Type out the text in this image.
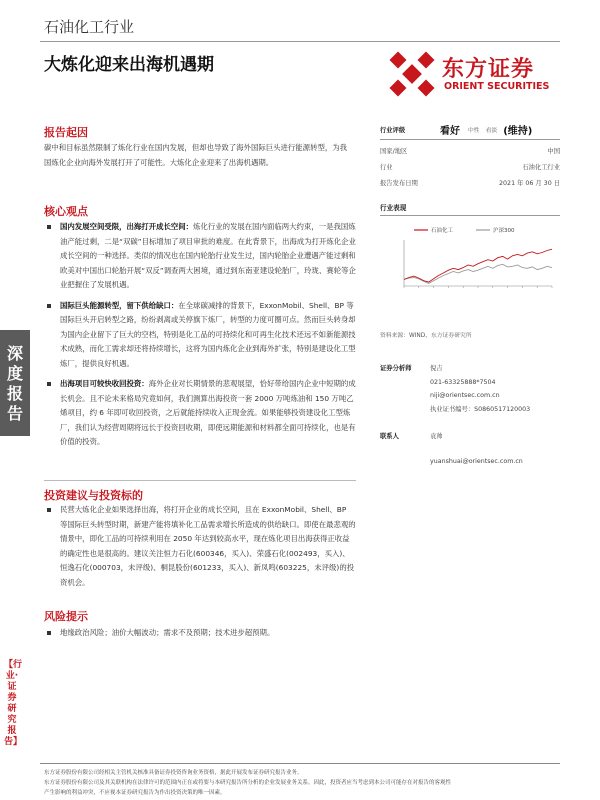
石油化工行业
大炼化迎来出海机遇期	东方证券
ORIENT SECURITIES
报告起因
碳中和目标虽然限制了炼化行业在国内发展，但却也导致了海外国际巨头进行能源转型，为我国炼化企业向海外发展打开了可能性。大炼化企业迎来了出海机遇期。
核心观点
国内发展空间受限，出海打开成长空间：炼化行业的发展在国内面临两大约束，一是我国炼油产能过剩，二是“双碳”目标增加了项目审批的难度。在此背景下，出海成为打开炼化企业成长空间的一种选择。类似的情况也在国内轮胎行业发生过，国内轮胎企业遭遇产能过剩和欧美对中国出口轮胎开展“双反”调查两大困境，通过到东南亚建设轮胎厂，玲珑、赛轮等企业把握住了发展机遇。
国际巨头能源转型，留下供给缺口：在全球碳减排的背景下，ExxonMobil、Shell、BP 等国际巨头开启转型之路，纷纷剥离或关停旗下炼厂，转型的力度可圈可点。然而巨头转身却为国内企业留下了巨大的空档，特别是化工品的可持续化和可再生化技术还远不如新能源技术成熟，而化工需求却还将持续增长，这将为国内炼化企业到海外扩张，特别是建设化工型炼厂，提供良好机遇。
出海项目可较快收回投资：海外企业对长期情景的悲观展望，恰好带给国内企业中短期的成长机会。且不论未来格局究竟如何，我们测算出海投资一套 2000 万吨炼油和 150 万吨乙烯项目，约 6 年即可收回投资，之后就能持续收入正现金流。如果能够投资建设化工型炼厂，我们认为经营周期将远长于投资回收期，即使远期能源和材料都全面可持续化，也是有价值的投资。
投资建议与投资标的
民营大炼化企业如果选择出海，将打开企业的成长空间，且在 ExxonMobil、Shell、BP 等国际巨头转型时期，新建产能将填补化工品需求增长所造成的供给缺口。即使在最悲观的情景中，即化工品的可持续利用在 2050 年达到较高水平，现在炼化项目出海获得正收益的确定性也是很高的。建议关注恒力石化(600346，买入)、荣盛石化(002493，买入)、恒逸石化(000703，未评级)、桐昆股份(601233，买入)、新凤鸣(603225，未评级)的投资机会。
风险提示
地缘政治风险；油价大幅波动；需求不及预期；技术进步超预期。
深度报告
【行业·证券研究报告】
行业评级	看好 中性 看淡 (维持)
国家/地区	中国
行业	石油化工行业
报告发布日期	2021 年 06 月 30 日
行业表现
石油化工	沪深300
资料来源：WIND、东方证券研究所
证券分析师	倪吉
021-63325888*7504
niji@orientsec.com.cn
执业证书编号：S0860517120003
联系人	袁帅
yuanshuai@orientsec.com.cn
东方证券股份有限公司经相关主管机关核准具备证券投资咨询业务资格，据此开展发布证券研究报告业务。
东方证券股份有限公司及其关联机构在法律许可的范围内正在或将要与本研究报告所分析的企业发展业务关系。因此，投资者应当考虑到本公司可能存在对报告的客观性
产生影响的利益冲突，不应视本证券研究报告为作出投资决策的唯一因素。
